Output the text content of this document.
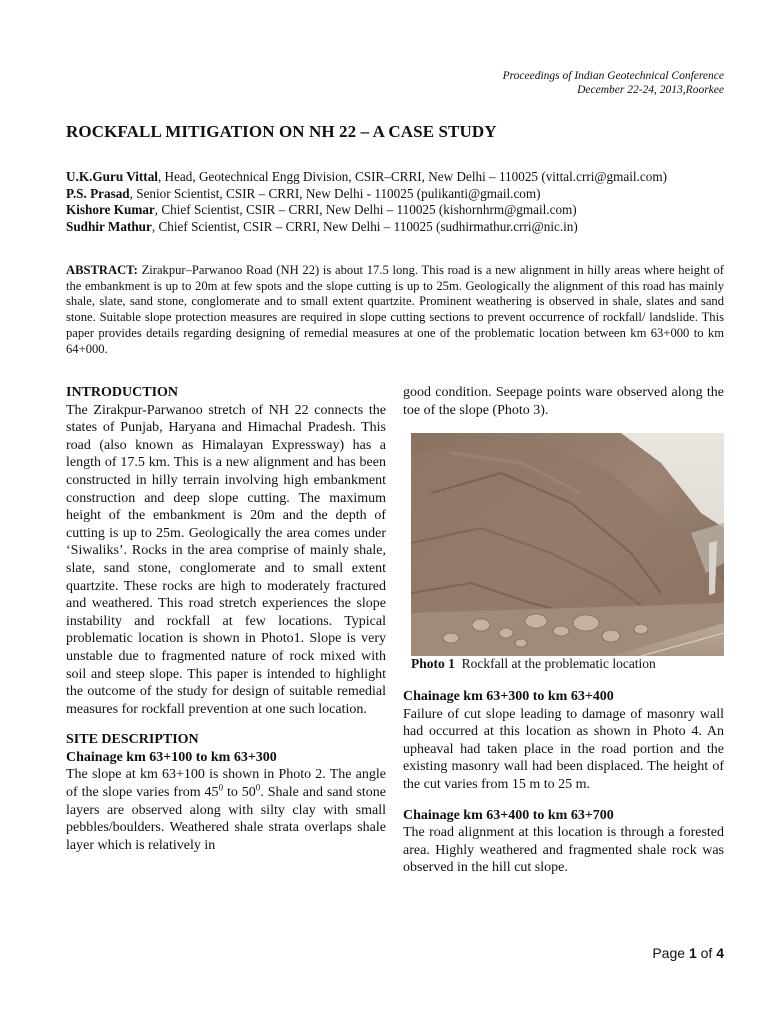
Proceedings of Indian Geotechnical Conference
December 22-24, 2013,Roorkee
ROCKFALL MITIGATION ON NH 22 – A CASE STUDY
U.K.Guru Vittal, Head, Geotechnical Engg Division, CSIR–CRRI, New Delhi – 110025 (vittal.crri@gmail.com)
P.S. Prasad, Senior Scientist, CSIR – CRRI, New Delhi - 110025 (pulikanti@gmail.com)
Kishore Kumar, Chief Scientist, CSIR – CRRI, New Delhi – 110025 (kishornhrm@gmail.com)
Sudhir Mathur, Chief Scientist, CSIR – CRRI, New Delhi – 110025 (sudhirmathur.crri@nic.in)
ABSTRACT: Zirakpur–Parwanoo Road (NH 22) is about 17.5 long. This road is a new alignment in hilly areas where height of the embankment is up to 20m at few spots and the slope cutting is up to 25m. Geologically the alignment of this road has mainly shale, slate, sand stone, conglomerate and to small extent quartzite. Prominent weathering is observed in shale, slates and sand stone. Suitable slope protection measures are required in slope cutting sections to prevent occurrence of rockfall/ landslide. This paper provides details regarding designing of remedial measures at one of the problematic location between km 63+000 to km 64+000.
INTRODUCTION
The Zirakpur-Parwanoo stretch of NH 22 connects the states of Punjab, Haryana and Himachal Pradesh. This road (also known as Himalayan Expressway) has a length of 17.5 km. This is a new alignment and has been constructed in hilly terrain involving high embankment construction and deep slope cutting. The maximum height of the embankment is 20m and the depth of cutting is up to 25m. Geologically the area comes under ‘Siwaliks’. Rocks in the area comprise of mainly shale, slate, sand stone, conglomerate and to small extent quartzite. These rocks are high to moderately fractured and weathered. This road stretch experiences the slope instability and rockfall at few locations. Typical problematic location is shown in Photo1. Slope is very unstable due to fragmented nature of rock mixed with soil and steep slope. This paper is intended to highlight the outcome of the study for design of suitable remedial measures for rockfall prevention at one such location.
SITE DESCRIPTION
Chainage km 63+100 to km 63+300
The slope at km 63+100 is shown in Photo 2. The angle of the slope varies from $45^0$ to $50^0$. Shale and sand stone layers are observed along with silty clay with small pebbles/boulders. Weathered shale strata overlaps shale layer which is relatively in
good condition. Seepage points ware observed along the toe of the slope (Photo 3).
Photo 1 Rockfall at the problematic location
Chainage km 63+300 to km 63+400
Failure of cut slope leading to damage of masonry wall had occurred at this location as shown in Photo 4. An upheaval had taken place in the road portion and the existing masonry wall had been displaced. The height of the cut varies from 15 m to 25 m.
Chainage km 63+400 to km 63+700
The road alignment at this location is through a forested area. Highly weathered and fragmented shale rock was observed in the hill cut slope.
Page 1 of 4
